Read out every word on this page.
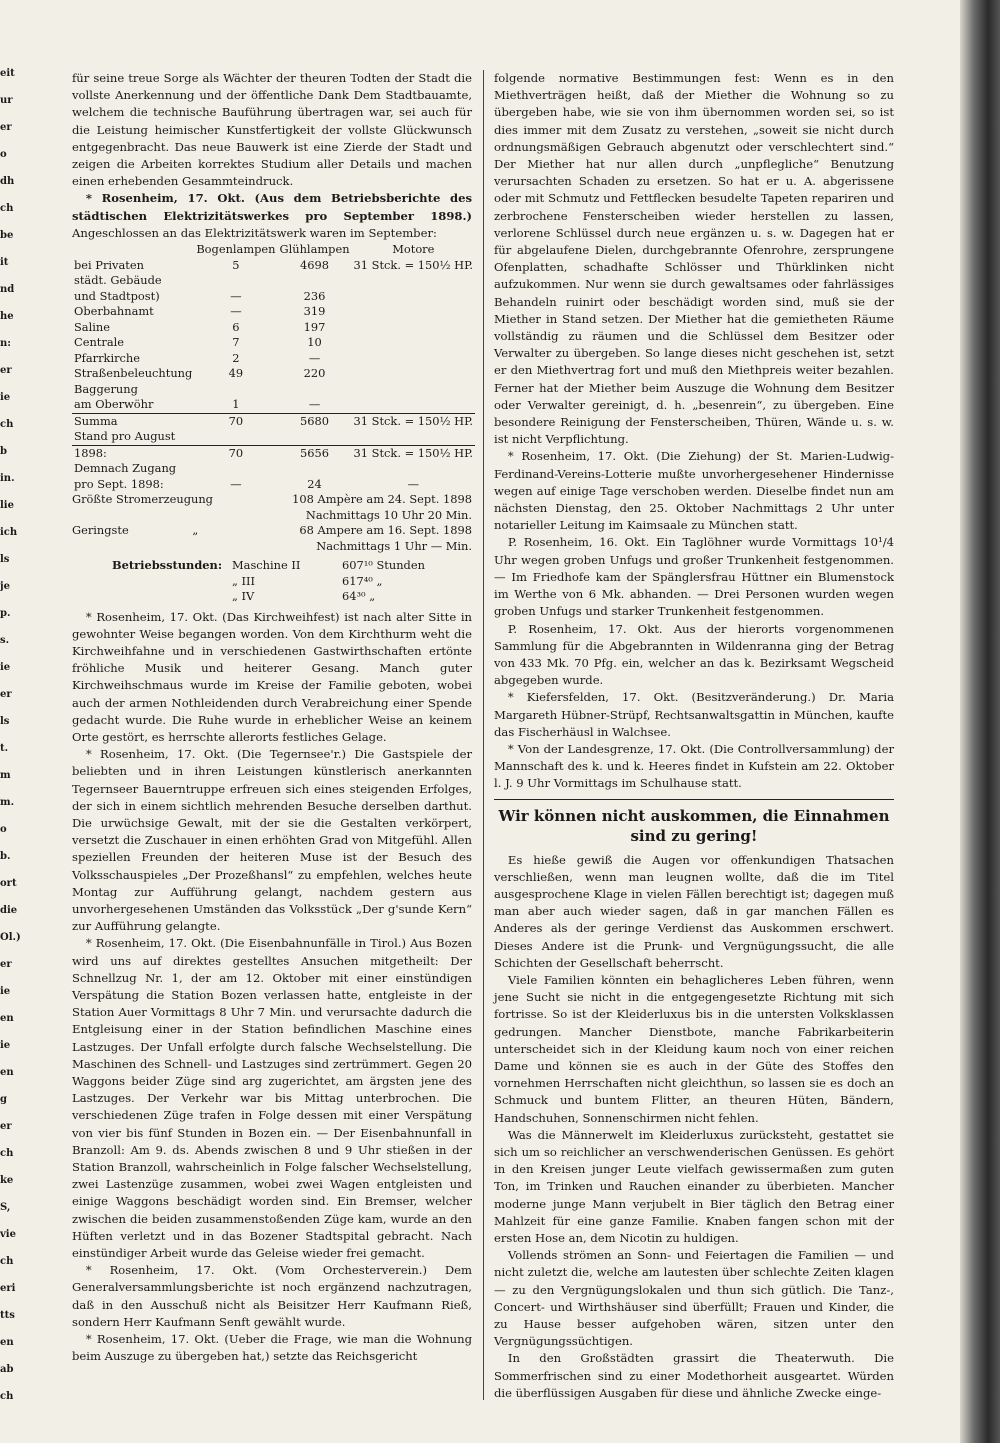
eit
ur
er
o
dh
ch
be
it
nd
he
n:
er
ie
ch
b
in.
lie
ich
ls
je
p.
s.
ie
er
ls
t.
m
m.
o
b.
ort
die
Ol.)
er
ie
en
ie
en
g
er
ch
ke
S,
vie
ch
eri
tts
en
ab
ch

für seine treue Sorge als Wächter der theuren Todten der Stadt die vollste Anerkennung und der öffentliche Dank Dem Stadtbauamte, welchem die technische Bauführung übertragen war, sei auch für die Leistung heimischer Kunstfertigkeit der vollste Glückwunsch entgegenbracht. Das neue Bauwerk ist eine Zierde der Stadt und zeigen die Arbeiten korrektes Studium aller Details und machen einen erhebenden Gesammteindruck.

* Rosenheim, 17. Okt. (Aus dem Betriebsberichte des städtischen Elektrizitätswerkes pro September 1898.) Angeschlossen an das Elektrizitätswerk waren im September:

	Bogenlampen	Glühlampen	Motore
bei Privaten	5	4698	31 Stck. = 150½ HP.
städt. Gebäude			
und Stadtpost)	—	236	
Oberbahnamt	—	319	
Saline	6	197	
Centrale	7	10	
Pfarrkirche	2	—	
Straßenbeleuchtung	49	220	
Baggerung			
am Oberwöhr	1	—	
Summa	70	5680	31 Stck. = 150½ HP.
Stand pro August			
1898:	70	5656	31 Stck. = 150½ HP.
Demnach Zugang			
pro Sept. 1898:	—	24	—
Größte Stromerzeugung	108 Ampère am 24. Sept. 1898
Nachmittags 10 Uhr 20 Min.
Geringste	„	68 Ampere am 16. Sept. 1898
Nachmittags 1 Uhr — Min.
Betriebsstunden: Maschine II	607¹⁰ Stunden
„ III	617⁴⁰ „
„ IV	64³⁰ „

* Rosenheim, 17. Okt. (Das Kirchweihfest) ist nach alter Sitte in gewohnter Weise begangen worden. Von dem Kirchthurm weht die Kirchweihfahne und in verschiedenen Gastwirthschaften ertönte fröhliche Musik und heiterer Gesang. Manch guter Kirchweihschmaus wurde im Kreise der Familie geboten, wobei auch der armen Nothleidenden durch Verabreichung einer Spende gedacht wurde. Die Ruhe wurde in erheblicher Weise an keinem Orte gestört, es herrschte allerorts festliches Gelage.

* Rosenheim, 17. Okt. (Die Tegernsee'r.) Die Gastspiele der beliebten und in ihren Leistungen künstlerisch anerkannten Tegernseer Bauerntruppe erfreuen sich eines steigenden Erfolges, der sich in einem sichtlich mehrenden Besuche derselben darthut. Die urwüchsige Gewalt, mit der sie die Gestalten verkörpert, versetzt die Zuschauer in einen erhöhten Grad von Mitgefühl. Allen speziellen Freunden der heiteren Muse ist der Besuch des Volksschauspieles „Der Prozeßhansl“ zu empfehlen, welches heute Montag zur Aufführung gelangt, nachdem gestern aus unvorhergesehenen Umständen das Volksstück „Der g'sunde Kern“ zur Aufführung gelangte.

* Rosenheim, 17. Okt. (Die Eisenbahnunfälle in Tirol.) Aus Bozen wird uns auf direktes gestelltes Ansuchen mitgetheilt: Der Schnellzug Nr. 1, der am 12. Oktober mit einer einstündigen Verspätung die Station Bozen verlassen hatte, entgleiste in der Station Auer Vormittags 8 Uhr 7 Min. und verursachte dadurch die Entgleisung einer in der Station befindlichen Maschine eines Lastzuges. Der Unfall erfolgte durch falsche Wechselstellung. Die Maschinen des Schnell- und Lastzuges sind zertrümmert. Gegen 20 Waggons beider Züge sind arg zugerichtet, am ärgsten jene des Lastzuges. Der Verkehr war bis Mittag unterbrochen. Die verschiedenen Züge trafen in Folge dessen mit einer Verspätung von vier bis fünf Stunden in Bozen ein. — Der Eisenbahnunfall in Branzoll: Am 9. ds. Abends zwischen 8 und 9 Uhr stießen in der Station Branzoll, wahrscheinlich in Folge falscher Wechselstellung, zwei Lastenzüge zusammen, wobei zwei Wagen entgleisten und einige Waggons beschädigt worden sind. Ein Bremser, welcher zwischen die beiden zusammenstoßenden Züge kam, wurde an den Hüften verletzt und in das Bozener Stadtspital gebracht. Nach einstündiger Arbeit wurde das Geleise wieder frei gemacht.

* Rosenheim, 17. Okt. (Vom Orchesterverein.) Dem Generalversammlungsberichte ist noch ergänzend nachzutragen, daß in den Ausschuß nicht als Beisitzer Herr Kaufmann Rieß, sondern Herr Kaufmann Senft gewählt wurde.

* Rosenheim, 17. Okt. (Ueber die Frage, wie man die Wohnung beim Auszuge zu übergeben hat,) setzte das Reichsgericht

folgende normative Bestimmungen fest: Wenn es in den Miethverträgen heißt, daß der Miether die Wohnung so zu übergeben habe, wie sie von ihm übernommen worden sei, so ist dies immer mit dem Zusatz zu verstehen, „soweit sie nicht durch ordnungsmäßigen Gebrauch abgenutzt oder verschlechtert sind.“ Der Miether hat nur allen durch „unpflegliche“ Benutzung verursachten Schaden zu ersetzen. So hat er u. A. abgerissene oder mit Schmutz und Fettflecken besudelte Tapeten repariren und zerbrochene Fensterscheiben wieder herstellen zu lassen, verlorene Schlüssel durch neue ergänzen u. s. w. Dagegen hat er für abgelaufene Dielen, durchgebrannte Ofenrohre, zersprungene Ofenplatten, schadhafte Schlösser und Thürklinken nicht aufzukommen. Nur wenn sie durch gewaltsames oder fahrlässiges Behandeln ruinirt oder beschädigt worden sind, muß sie der Miether in Stand setzen. Der Miether hat die gemietheten Räume vollständig zu räumen und die Schlüssel dem Besitzer oder Verwalter zu übergeben. So lange dieses nicht geschehen ist, setzt er den Miethvertrag fort und muß den Miethpreis weiter bezahlen. Ferner hat der Miether beim Auszuge die Wohnung dem Besitzer oder Verwalter gereinigt, d. h. „besenrein“, zu übergeben. Eine besondere Reinigung der Fensterscheiben, Thüren, Wände u. s. w. ist nicht Verpflichtung.

* Rosenheim, 17. Okt. (Die Ziehung) der St. Marien-Ludwig-Ferdinand-Vereins-Lotterie mußte unvorhergesehener Hindernisse wegen auf einige Tage verschoben werden. Dieselbe findet nun am nächsten Dienstag, den 25. Oktober Nachmittags 2 Uhr unter notarieller Leitung im Kaimsaale zu München statt.

P. Rosenheim, 16. Okt. Ein Taglöhner wurde Vormittags 10¹/4 Uhr wegen groben Unfugs und großer Trunkenheit festgenommen. — Im Friedhofe kam der Spänglersfrau Hüttner ein Blumenstock im Werthe von 6 Mk. abhanden. — Drei Personen wurden wegen groben Unfugs und starker Trunkenheit festgenommen.

P. Rosenheim, 17. Okt. Aus der hierorts vorgenommenen Sammlung für die Abgebrannten in Wildenranna ging der Betrag von 433 Mk. 70 Pfg. ein, welcher an das k. Bezirksamt Wegscheid abgegeben wurde.

* Kiefersfelden, 17. Okt. (Besitzveränderung.) Dr. Maria Margareth Hübner-Strüpf, Rechtsanwaltsgattin in München, kaufte das Fischerhäusl in Walchsee.

* Von der Landesgrenze, 17. Okt. (Die Controllversammlung) der Mannschaft des k. und k. Heeres findet in Kufstein am 22. Oktober l. J. 9 Uhr Vormittags im Schulhause statt.

Wir können nicht auskommen, die Einnahmen
sind zu gering!

Es hieße gewiß die Augen vor offenkundigen Thatsachen verschließen, wenn man leugnen wollte, daß die im Titel ausgesprochene Klage in vielen Fällen berechtigt ist; dagegen muß man aber auch wieder sagen, daß in gar manchen Fällen es Anderes als der geringe Verdienst das Auskommen erschwert. Dieses Andere ist die Prunk- und Vergnügungssucht, die alle Schichten der Gesellschaft beherrscht.

Viele Familien könnten ein behaglicheres Leben führen, wenn jene Sucht sie nicht in die entgegengesetzte Richtung mit sich fortrisse. So ist der Kleiderluxus bis in die untersten Volksklassen gedrungen. Mancher Dienstbote, manche Fabrikarbeiterin unterscheidet sich in der Kleidung kaum noch von einer reichen Dame und können sie es auch in der Güte des Stoffes den vornehmen Herrschaften nicht gleichthun, so lassen sie es doch an Schmuck und buntem Flitter, an theuren Hüten, Bändern, Handschuhen, Sonnenschirmen nicht fehlen.

Was die Männerwelt im Kleiderluxus zurücksteht, gestattet sie sich um so reichlicher an verschwenderischen Genüssen. Es gehört in den Kreisen junger Leute vielfach gewissermaßen zum guten Ton, im Trinken und Rauchen einander zu überbieten. Mancher moderne junge Mann verjubelt in Bier täglich den Betrag einer Mahlzeit für eine ganze Familie. Knaben fangen schon mit der ersten Hose an, dem Nicotin zu huldigen.

Vollends strömen an Sonn- und Feiertagen die Familien — und nicht zuletzt die, welche am lautesten über schlechte Zeiten klagen — zu den Vergnügungslokalen und thun sich gütlich. Die Tanz-, Concert- und Wirthshäuser sind überfüllt; Frauen und Kinder, die zu Hause besser aufgehoben wären, sitzen unter den Vergnügungssüchtigen.

In den Großstädten grassirt die Theaterwuth. Die Sommerfrischen sind zu einer Modethorheit ausgeartet. Würden die überflüssigen Ausgaben für diese und ähnliche Zwecke einge-
